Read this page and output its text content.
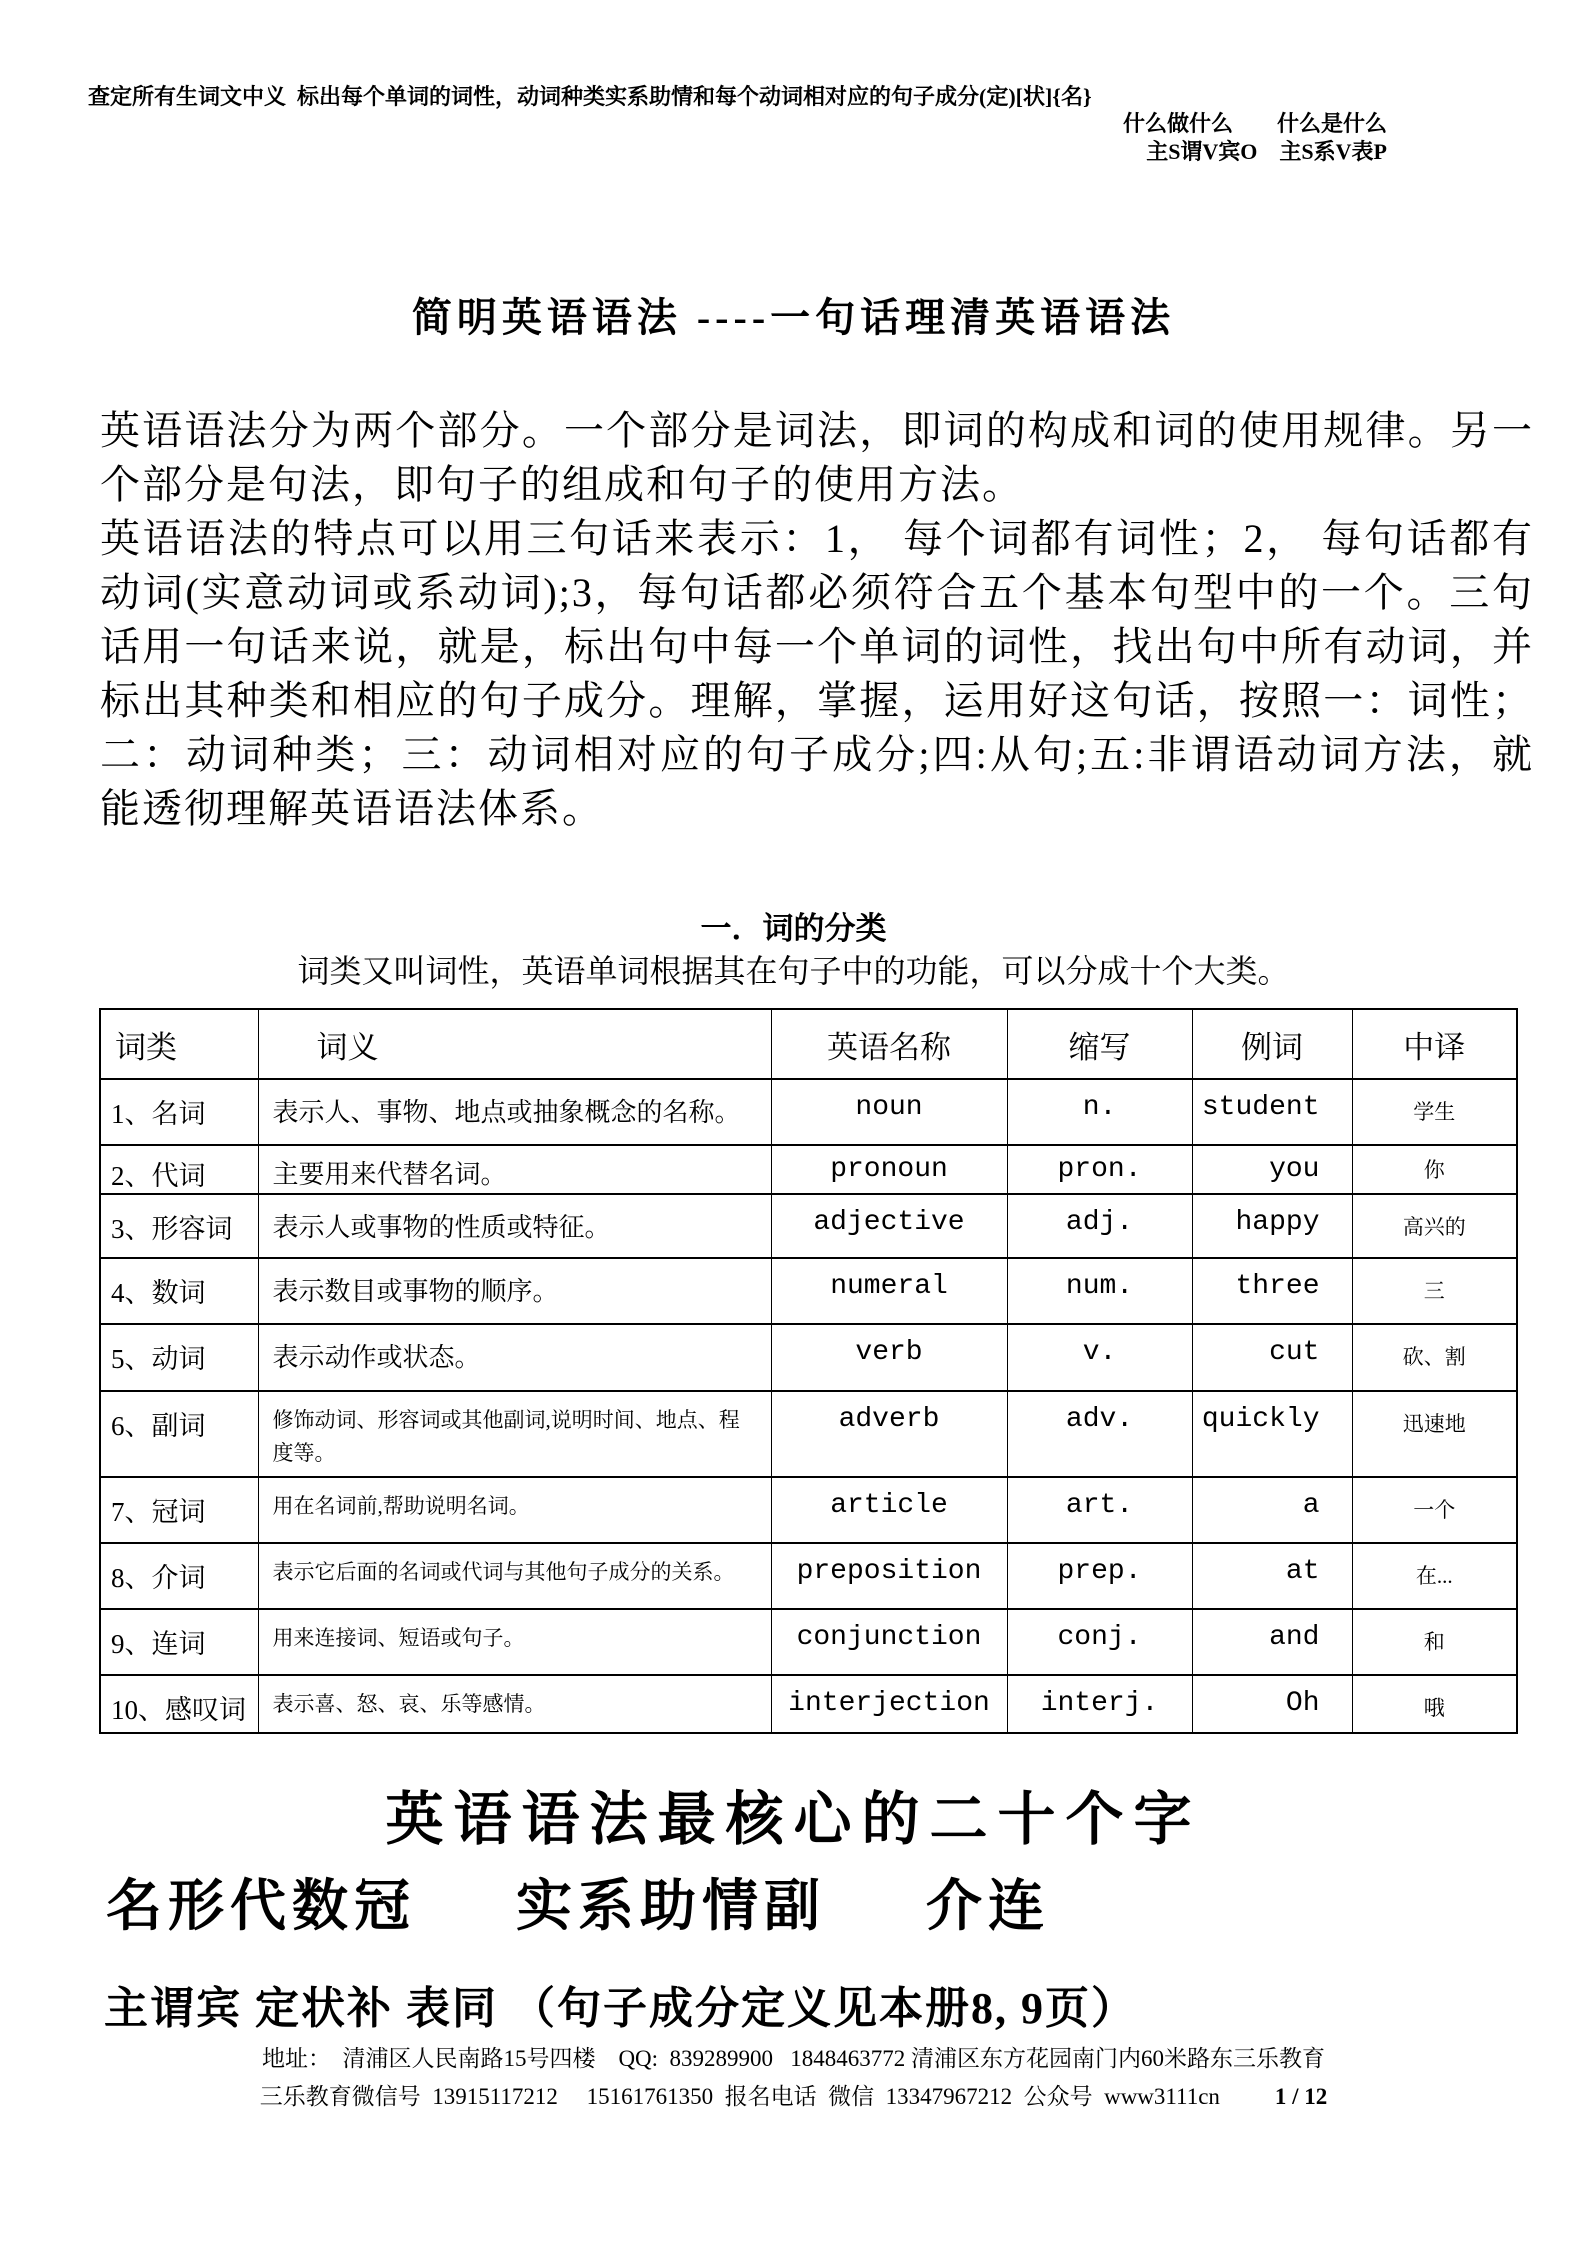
查定所有生词文中义  标出每个单词的词性，动词种类实系助情和每个动词相对应的句子成分(定)[状]{名}
什么做什么        什么是什么
主S谓V宾O    主S系V表P
简明英语语法 ----一句话理清英语语法

英语语法分为两个部分。一个部分是词法，即词的构成和词的使用规律。另一个部分是句法，即句子的组成和句子的使用方法。

英语语法的特点可以用三句话来表示：1， 每个词都有词性；2， 每句话都有动词(实意动词或系动词);3，每句话都必须符合五个基本句型中的一个。三句话用一句话来说，就是，标出句中每一个单词的词性，找出句中所有动词，并标出其种类和相应的句子成分。理解，掌握，运用好这句话，按照一：词性；二：动词种类；三：动词相对应的句子成分;四:从句;五:非谓语动词方法，就能透彻理解英语语法体系。

一．词的分类
词类又叫词性，英语单词根据其在句子中的功能，可以分成十个大类。
词类	词义	英语名称	缩写	例词	中译
1、名词	表示人、事物、地点或抽象概念的名称。	noun	n.	student	学生
2、代词	主要用来代替名词。	pronoun	pron.	you	你
3、形容词	表示人或事物的性质或特征。	adjective	adj.	happy	高兴的
4、数词	表示数目或事物的顺序。	numeral	num.	three	三
5、动词	表示动作或状态。	verb	v.	cut	砍、割
6、副词	修饰动词、形容词或其他副词,说明时间、地点、程度等。	adverb	adv.	quickly	迅速地
7、冠词	用在名词前,帮助说明名词。	article	art.	a	一个
8、介词	表示它后面的名词或代词与其他句子成分的关系。	preposition	prep.	at	在...
9、连词	用来连接词、短语或句子。	conjunction	conj.	and	和
10、感叹词	表示喜、怒、哀、乐等感情。	interjection	interj.	Oh	哦
英语语法最核心的二十个字
名形代数冠     实系助情副     介连
主谓宾 定状补 表同 （句子成分定义见本册8, 9页）
地址：  清浦区人民南路15号四楼    QQ:  839289900   1848463772 清浦区东方花园南门内60米路东三乐教育
三乐教育微信号  13915117212     15161761350  报名电话  微信  13347967212  公众号  www3111cn 1 / 12
